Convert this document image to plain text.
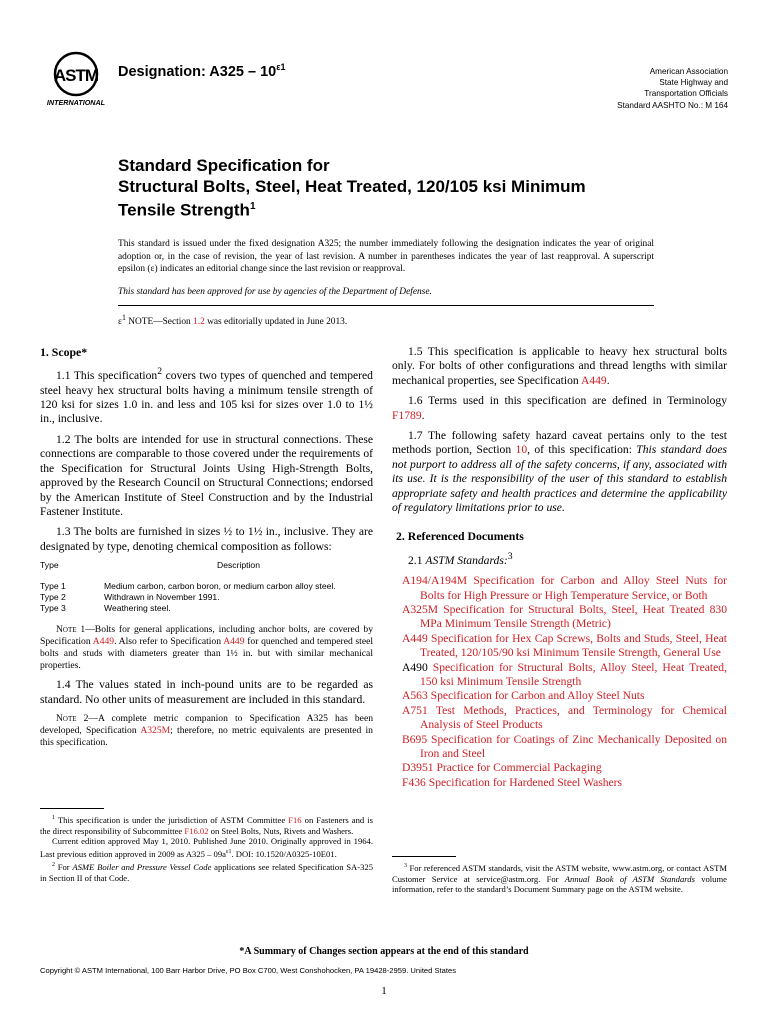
ASTM
INTERNATIONAL
Designation: $A325 - 10^{\varepsilon 1}$	American Association
State Highway and
Transportation Officials
Standard AASHTO No.: M 164
Standard Specification for
Structural Bolts, Steel, Heat Treated, 120/105 ksi Minimum
Tensile Strength$^1$

This standard is issued under the fixed designation A325; the number immediately following the designation indicates the year of original adoption or, in the case of revision, the year of last revision. A number in parentheses indicates the year of last reapproval. A superscript epsilon (ε) indicates an editorial change since the last revision or reapproval.

This standard has been approved for use by agencies of the Department of Defense.

$\varepsilon^1$ NOTE—Section 1.2 was editorially updated in June 2013.

1. Scope*

1.1 This specification$^2$ covers two types of quenched and tempered steel heavy hex structural bolts having a minimum tensile strength of 120 ksi for sizes 1.0 in. and less and 105 ksi for sizes over 1.0 to 1½ in., inclusive.

1.2 The bolts are intended for use in structural connections. These connections are comparable to those covered under the requirements of the Specification for Structural Joints Using High-Strength Bolts, approved by the Research Council on Structural Connections; endorsed by the American Institute of Steel Construction and by the Industrial Fastener Institute.

1.3 The bolts are furnished in sizes ½ to 1½ in., inclusive. They are designated by type, denoting chemical composition as follows:

Type	Description
Type 1	Medium carbon, carbon boron, or medium carbon alloy steel.
Type 2	Withdrawn in November 1991.
Type 3	Weathering steel.

Note 1—Bolts for general applications, including anchor bolts, are covered by Specification A449. Also refer to Specification A449 for quenched and tempered steel bolts and studs with diameters greater than 1½ in. but with similar mechanical properties.

1.4 The values stated in inch-pound units are to be regarded as standard. No other units of measurement are included in this standard.

Note 2—A complete metric companion to Specification A325 has been developed, Specification A325M; therefore, no metric equivalents are presented in this specification.

$^1$ This specification is under the jurisdiction of ASTM Committee F16 on Fasteners and is the direct responsibility of Subcommittee F16.02 on Steel Bolts, Nuts, Rivets and Washers.

Current edition approved May 1, 2010. Published June 2010. Originally approved in 1964. Last previous edition approved in 2009 as $A325 - 09a^{\varepsilon 1}$. DOI: 10.1520/A0325-10E01.

$^2$ For ASME Boiler and Pressure Vessel Code applications see related Specification SA-325 in Section II of that Code.

1.5 This specification is applicable to heavy hex structural bolts only. For bolts of other configurations and thread lengths with similar mechanical properties, see Specification A449.

1.6 Terms used in this specification are defined in Terminology F1789.

1.7 The following safety hazard caveat pertains only to the test methods portion, Section 10, of this specification: This standard does not purport to address all of the safety concerns, if any, associated with its use. It is the responsibility of the user of this standard to establish appropriate safety and health practices and determine the applicability of regulatory limitations prior to use.

2. Referenced Documents

2.1 ASTM Standards:$^3$

A194/A194M Specification for Carbon and Alloy Steel Nuts for Bolts for High Pressure or High Temperature Service, or Both
A325M Specification for Structural Bolts, Steel, Heat Treated 830 MPa Minimum Tensile Strength (Metric)
A449 Specification for Hex Cap Screws, Bolts and Studs, Steel, Heat Treated, 120/105/90 ksi Minimum Tensile Strength, General Use
A490 Specification for Structural Bolts, Alloy Steel, Heat Treated, 150 ksi Minimum Tensile Strength
A563 Specification for Carbon and Alloy Steel Nuts
A751 Test Methods, Practices, and Terminology for Chemical Analysis of Steel Products
B695 Specification for Coatings of Zinc Mechanically Deposited on Iron and Steel
D3951 Practice for Commercial Packaging
F436 Specification for Hardened Steel Washers

$^3$ For referenced ASTM standards, visit the ASTM website, www.astm.org, or contact ASTM Customer Service at service@astm.org. For Annual Book of ASTM Standards volume information, refer to the standard’s Document Summary page on the ASTM website.

*A Summary of Changes section appears at the end of this standard
Copyright © ASTM International, 100 Barr Harbor Drive, PO Box C700, West Conshohocken, PA 19428-2959. United States
1
